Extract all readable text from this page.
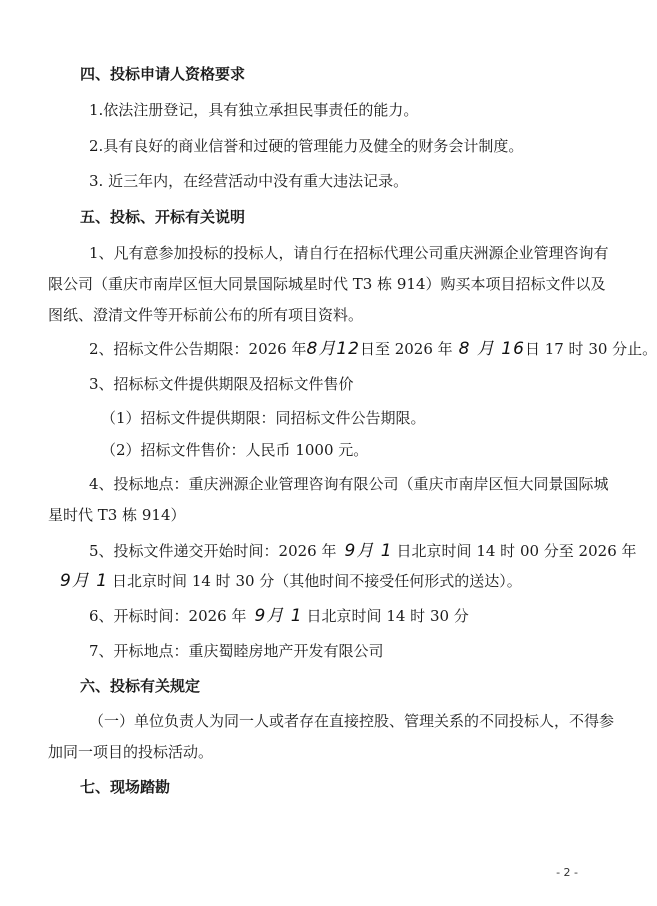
四、投标申请人资格要求
1.依法注册登记，具有独立承担民事责任的能力。
2.具有良好的商业信誉和过硬的管理能力及健全的财务会计制度。
3. 近三年内，在经营活动中没有重大违法记录。
五、投标、开标有关说明
1、凡有意参加投标的投标人，请自行在招标代理公司重庆洲源企业管理咨询有
限公司（重庆市南岸区恒大同景国际城星时代 T3 栋 914）购买本项目招标文件以及
图纸、澄清文件等开标前公布的所有项目资料。
2、招标文件公告期限：2026 年8月12日至 2026 年 8 月 16日 17 时 30 分止。
3、招标标文件提供期限及招标文件售价
（1）招标文件提供期限：同招标文件公告期限。
（2）招标文件售价：人民币 1000 元。
4、投标地点：重庆洲源企业管理咨询有限公司（重庆市南岸区恒大同景国际城
星时代 T3 栋 914）
5、投标文件递交开始时间：2026 年 9月 1 日北京时间 14 时 00 分至 2026 年
9月 1 日北京时间 14 时 30 分（其他时间不接受任何形式的送达）。
6、开标时间：2026 年 9月 1 日北京时间 14 时 30 分
7、开标地点：重庆蜀睦房地产开发有限公司
六、投标有关规定
（一）单位负责人为同一人或者存在直接控股、管理关系的不同投标人，不得参
加同一项目的投标活动。
七、现场踏勘
- 2 -
